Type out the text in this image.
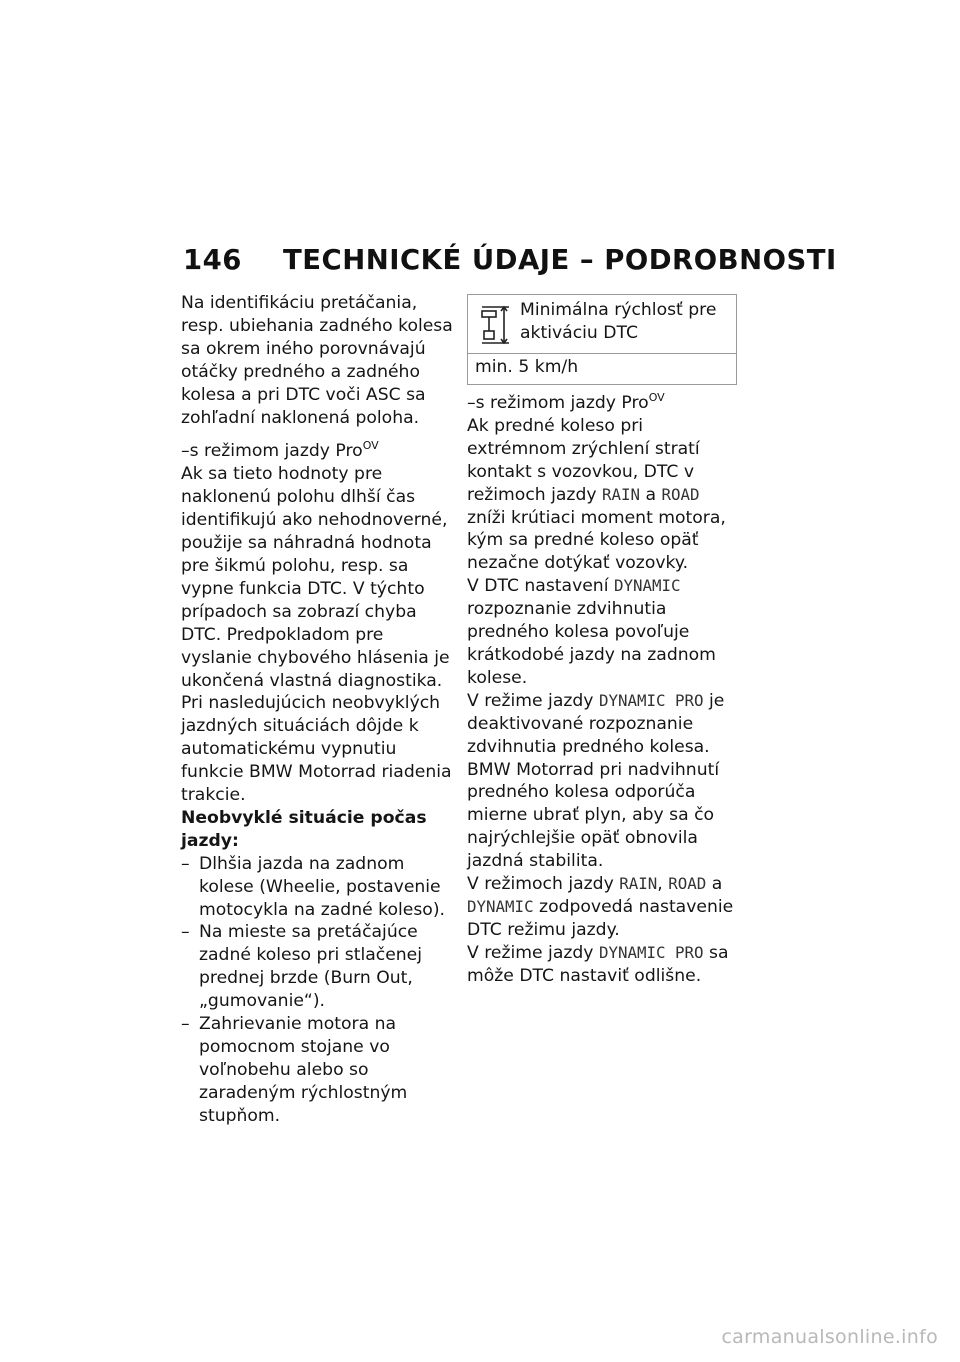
146 TECHNICKÉ ÚDAJE – PODROBNOSTI

Na identifikáciu pretáčania, resp. ubiehania zadného kolesa sa okrem iného porovnávajú otáčky predného a zadného kolesa a pri DTC voči ASC sa zohľadní naklonená poloha.

–s režimom jazdy Pro$^{OV}$

Ak sa tieto hodnoty pre naklonenú polohu dlhší čas identifikujú ako nehodnoverné, použije sa náhradná hodnota pre šikmú polohu, resp. sa vypne funkcia DTC. V týchto prípadoch sa zobrazí chyba DTC. Predpokladom pre vyslanie chybového hlásenia je ukončená vlastná diagnostika.

Pri nasledujúcich neobvyklých jazdných situáciách dôjde k automatickému vypnutiu funkcie BMW Motorrad riadenia trakcie.

Neobvyklé situácie počas jazdy:

– Dlhšia jazda na zadnom kolese (Wheelie, postavenie motocykla na zadné koleso).
– Na mieste sa pretáčajúce zadné koleso pri stlačenej prednej brzde (Burn Out, „gumovanie“).
– Zahrievanie motora na pomocnom stojane vo voľnobehu alebo so zaradeným rýchlostným stupňom.
Minimálna rýchlosť pre aktiváciu DTC
min. 5 km/h

–s režimom jazdy Pro$^{OV}$

Ak predné koleso pri extrémnom zrýchlení stratí kontakt s vozovkou, DTC v režimoch jazdy RAIN a ROAD zníži krútiaci moment motora, kým sa predné koleso opäť nezačne dotýkať vozovky.

V DTC nastavení DYNAMIC rozpoznanie zdvihnutia predného kolesa povoľuje krátkodobé jazdy na zadnom kolese.

V režime jazdy DYNAMIC PRO je deaktivované rozpoznanie zdvihnutia predného kolesa.

BMW Motorrad pri nadvihnutí predného kolesa odporúča mierne ubrať plyn, aby sa čo najrýchlejšie opäť obnovila jazdná stabilita.

V režimoch jazdy RAIN, ROAD a DYNAMIC zodpovedá nastavenie DTC režimu jazdy.

V režime jazdy DYNAMIC PRO sa môže DTC nastaviť odlišne.

carmanualsonline.info
